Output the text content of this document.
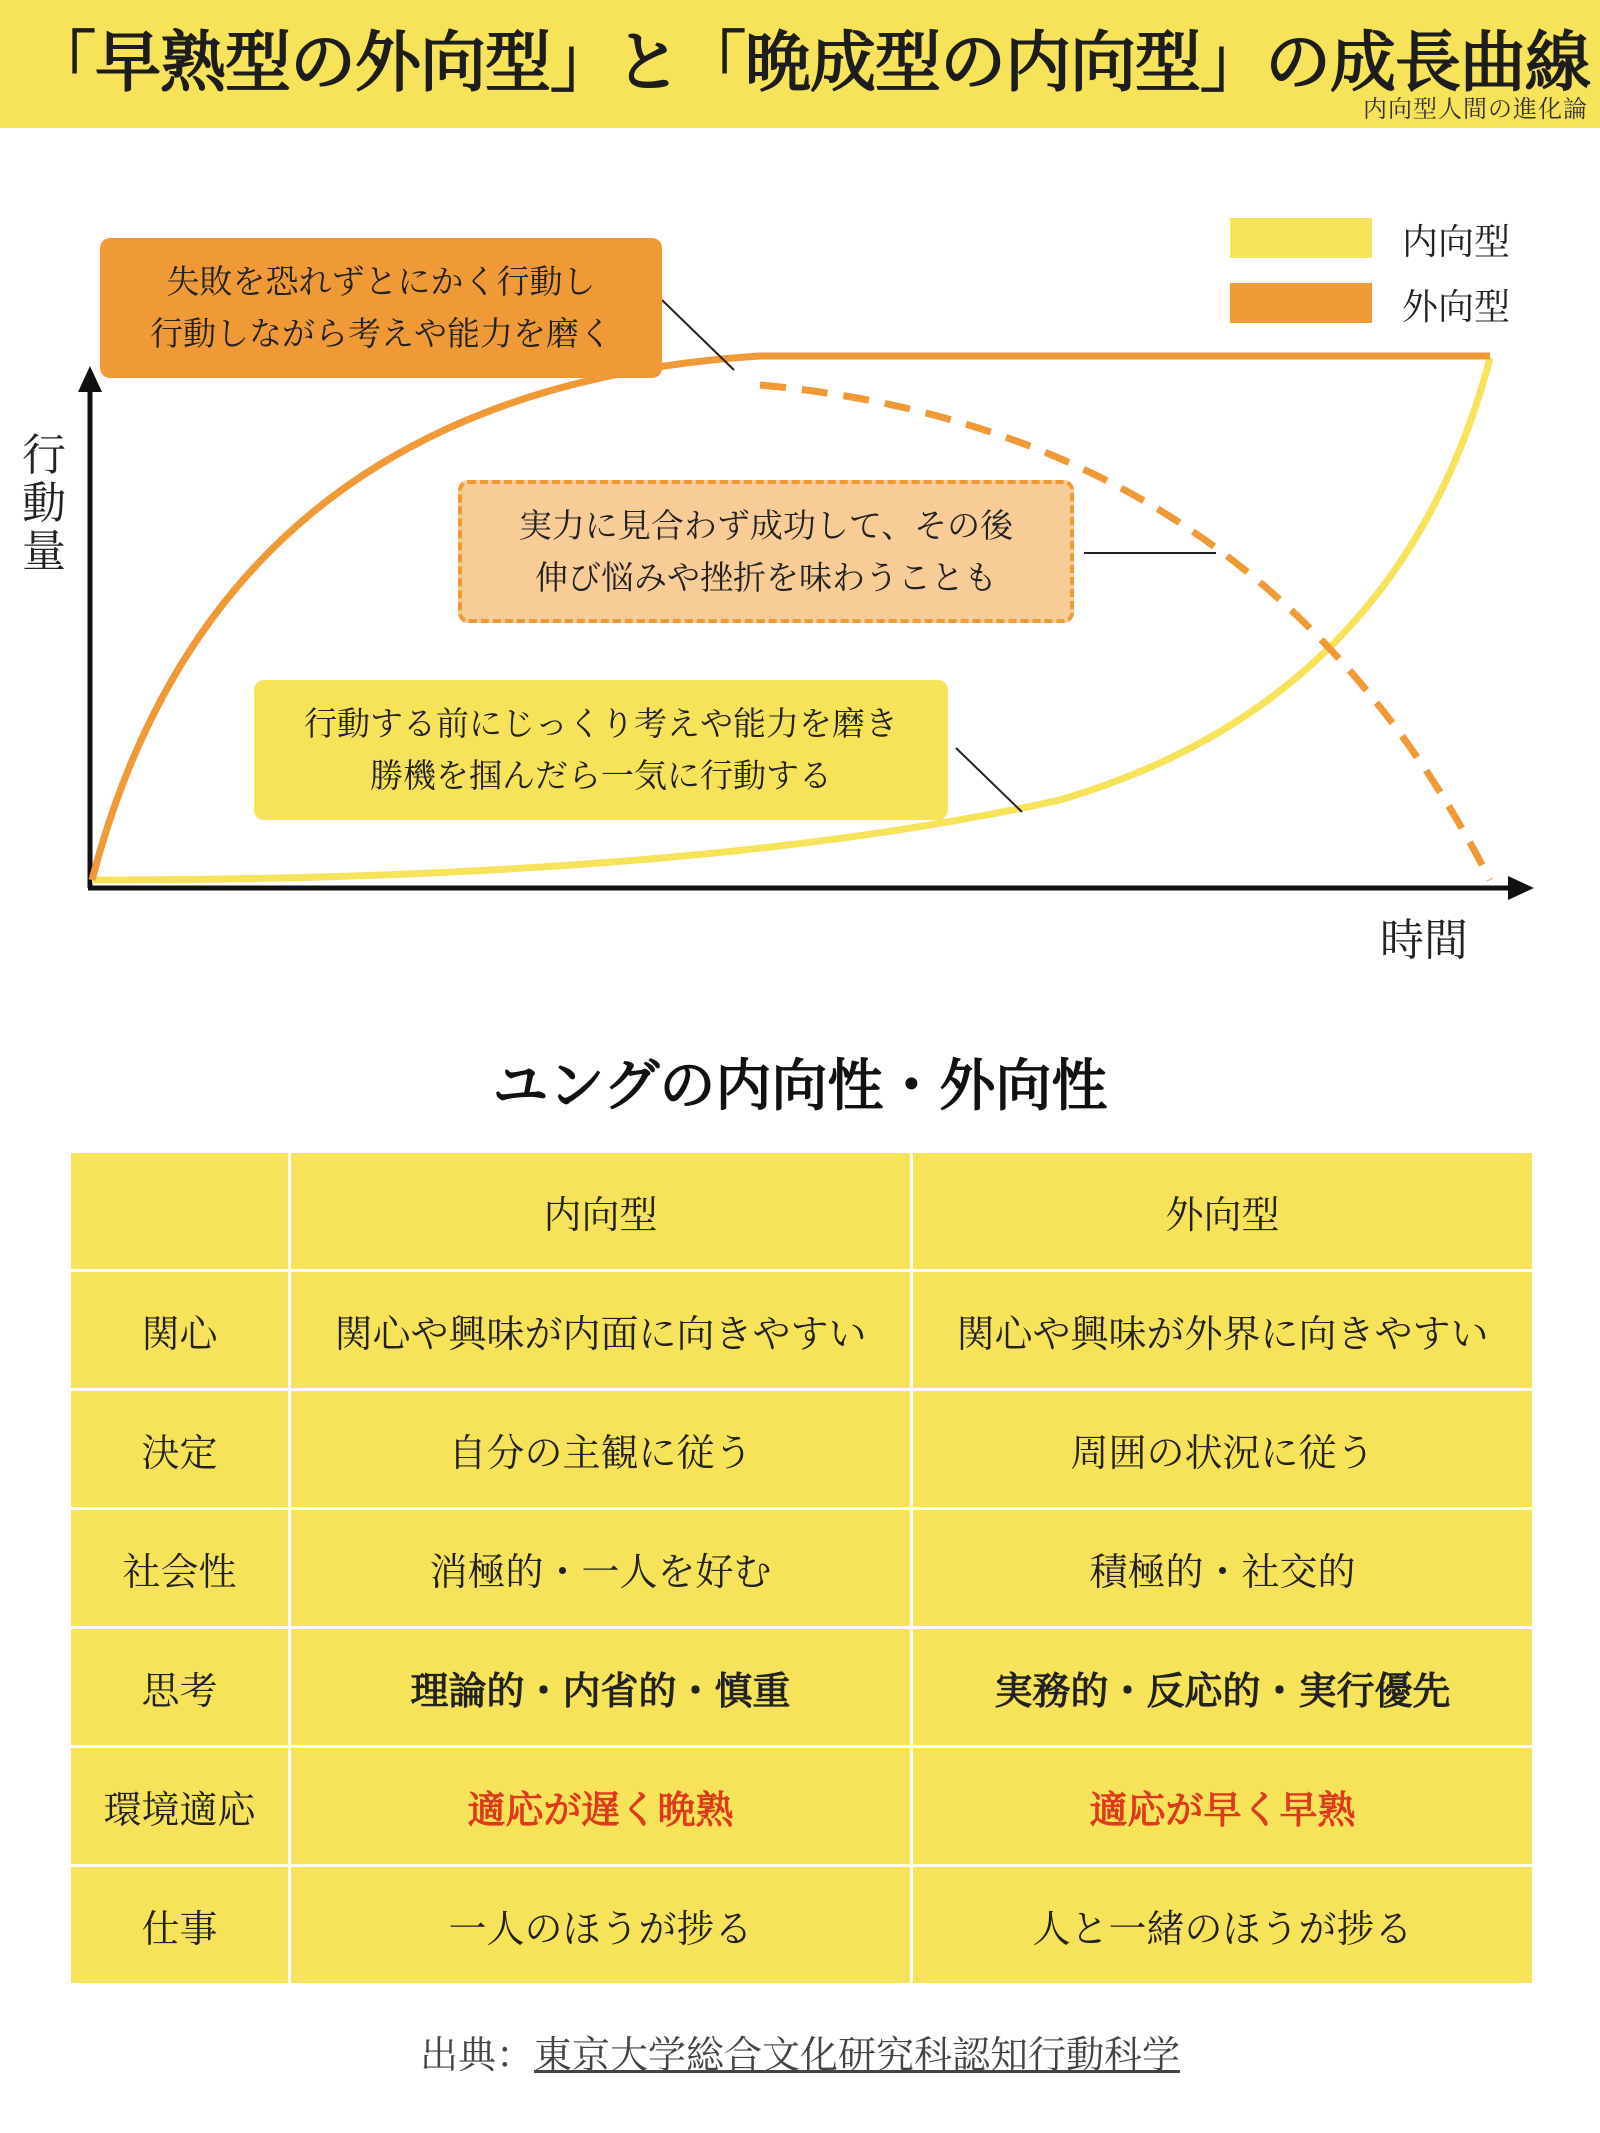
「早熟型の外向型」と「晩成型の内向型」の成長曲線
内向型人間の進化論
内向型
外向型
失敗を恐れずとにかく行動し
行動しながら考えや能力を磨く
実力に見合わず成功して、その後
伸び悩みや挫折を味わうことも
行動する前にじっくり考えや能力を磨き
勝機を掴んだら一気に行動する
行動量
時間
ユングの内向性・外向性
	内向型	外向型
関心	関心や興味が内面に向きやすい	関心や興味が外界に向きやすい
決定	自分の主観に従う	周囲の状況に従う
社会性	消極的・一人を好む	積極的・社交的
思考	理論的・内省的・慎重	実務的・反応的・実行優先
環境適応	適応が遅く晩熟	適応が早く早熟
仕事	一人のほうが捗る	人と一緒のほうが捗る
出典：東京大学総合文化研究科認知行動科学
